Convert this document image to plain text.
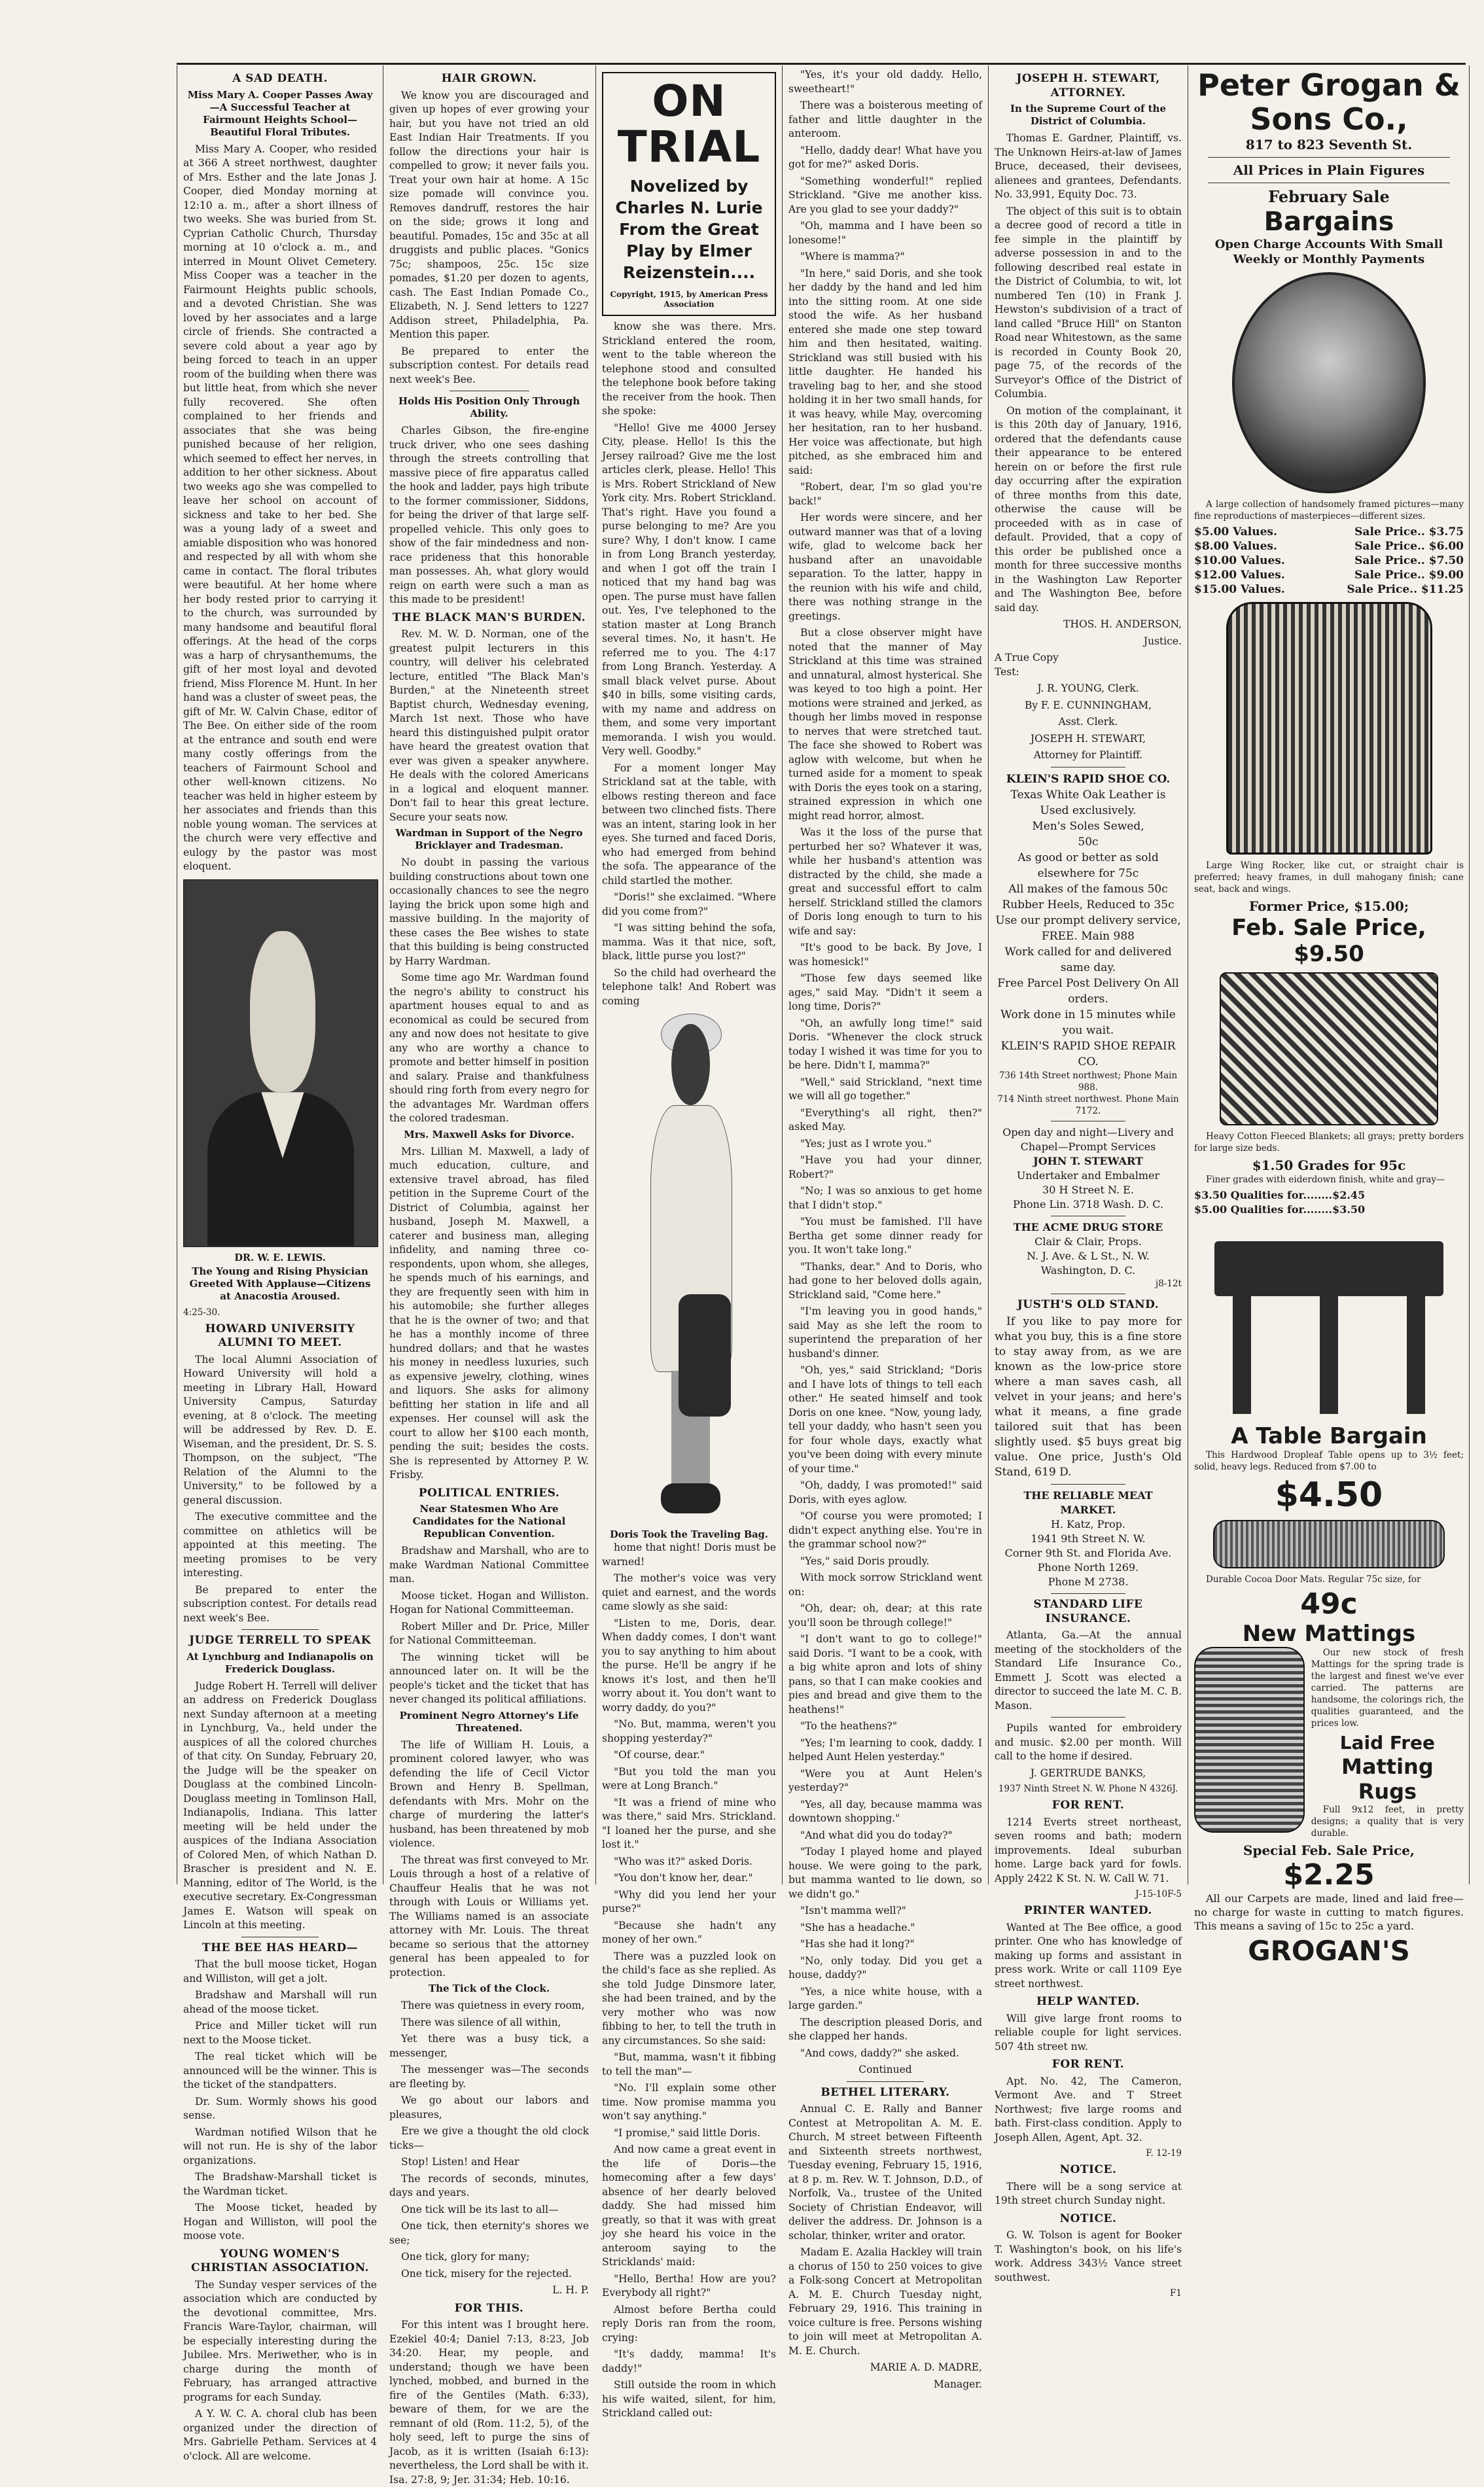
A SAD DEATH.
Miss Mary A. Cooper Passes Away—A Successful Teacher at Fairmount Heights School—Beautiful Floral Tributes.

Miss Mary A. Cooper, who resided at 366 A street northwest, daughter of Mrs. Esther and the late Jonas J. Cooper, died Monday morning at 12:10 a. m., after a short illness of two weeks. She was buried from St. Cyprian Catholic Church, Thursday morning at 10 o'clock a. m., and interred in Mount Olivet Cemetery. Miss Cooper was a teacher in the Fairmount Heights public schools, and a devoted Christian. She was loved by her associates and a large circle of friends. She contracted a severe cold about a year ago by being forced to teach in an upper room of the building when there was but little heat, from which she never fully recovered. She often complained to her friends and associates that she was being punished because of her religion, which seemed to effect her nerves, in addition to her other sickness. About two weeks ago she was compelled to leave her school on account of sickness and take to her bed. She was a young lady of a sweet and amiable disposition who was honored and respected by all with whom she came in contact. The floral tributes were beautiful. At her home where her body rested prior to carrying it to the church, was surrounded by many handsome and beautiful floral offerings. At the head of the corps was a harp of chrysanthemums, the gift of her most loyal and devoted friend, Miss Florence M. Hunt. In her hand was a cluster of sweet peas, the gift of Mr. W. Calvin Chase, editor of The Bee. On either side of the room at the entrance and south end were many costly offerings from the teachers of Fairmount School and other well-known citizens. No teacher was held in higher esteem by her associates and friends than this noble young woman. The services at the church were very effective and eulogy by the pastor was most eloquent.

DR. W. E. LEWIS.
The Young and Rising Physician Greeted With Applause—Citizens at Anacostia Aroused.
4:25-30.
HOWARD UNIVERSITY ALUMNI TO MEET.

The local Alumni Association of Howard University will hold a meeting in Library Hall, Howard University Campus, Saturday evening, at 8 o'clock. The meeting will be addressed by Rev. D. E. Wiseman, and the president, Dr. S. S. Thompson, on the subject, "The Relation of the Alumni to the University," to be followed by a general discussion.

The executive committee and the committee on athletics will be appointed at this meeting. The meeting promises to be very interesting.

Be prepared to enter the subscription contest. For details read next week's Bee.

JUDGE TERRELL TO SPEAK
At Lynchburg and Indianapolis on Frederick Douglass.

Judge Robert H. Terrell will deliver an address on Frederick Douglass next Sunday afternoon at a meeting in Lynchburg, Va., held under the auspices of all the colored churches of that city. On Sunday, February 20, the Judge will be the speaker on Douglass at the combined Lincoln-Douglass meeting in Tomlinson Hall, Indianapolis, Indiana. This latter meeting will be held under the auspices of the Indiana Association of Colored Men, of which Nathan D. Brascher is president and N. E. Manning, editor of The World, is the executive secretary. Ex-Congressman James E. Watson will speak on Lincoln at this meeting.

THE BEE HAS HEARD—

That the bull moose ticket, Hogan and Williston, will get a jolt.

Bradshaw and Marshall will run ahead of the moose ticket.

Price and Miller ticket will run next to the Moose ticket.

The real ticket which will be announced will be the winner. This is the ticket of the standpatters.

Dr. Sum. Wormly shows his good sense.

Wardman notified Wilson that he will not run. He is shy of the labor organizations.

The Bradshaw-Marshall ticket is the Wardman ticket.

The Moose ticket, headed by Hogan and Williston, will pool the moose vote.

YOUNG WOMEN'S CHRISTIAN ASSOCIATION.

The Sunday vesper services of the association which are conducted by the devotional committee, Mrs. Francis Ware-Taylor, chairman, will be especially interesting during the Jubilee. Mrs. Meriwether, who is in charge during the month of February, has arranged attractive programs for each Sunday.

A Y. W. C. A. choral club has been organized under the direction of Mrs. Gabrielle Petham. Services at 4 o'clock. All are welcome.

HAIR GROWN.

We know you are discouraged and given up hopes of ever growing your hair, but you have not tried an old East Indian Hair Treatments. If you follow the directions your hair is compelled to grow; it never fails you. Treat your own hair at home. A 15c size pomade will convince you. Removes dandruff, restores the hair on the side; grows it long and beautiful. Pomades, 15c and 35c at all druggists and public places. "Gonics 75c; shampoos, 25c. 15c size pomades, $1.20 per dozen to agents, cash. The East Indian Pomade Co., Elizabeth, N. J. Send letters to 1227 Addison street, Philadelphia, Pa. Mention this paper.

Be prepared to enter the subscription contest. For details read next week's Bee.

Holds His Position Only Through Ability.

Charles Gibson, the fire-engine truck driver, who one sees dashing through the streets controlling that massive piece of fire apparatus called the hook and ladder, pays high tribute to the former commissioner, Siddons, for being the driver of that large self-propelled vehicle. This only goes to show of the fair mindedness and non-race prideness that this honorable man possesses. Ah, what glory would reign on earth were such a man as this made to be president!

THE BLACK MAN'S BURDEN.

Rev. M. W. D. Norman, one of the greatest pulpit lecturers in this country, will deliver his celebrated lecture, entitled "The Black Man's Burden," at the Nineteenth street Baptist church, Wednesday evening, March 1st next. Those who have heard this distinguished pulpit orator have heard the greatest ovation that ever was given a speaker anywhere. He deals with the colored Americans in a logical and eloquent manner. Don't fail to hear this great lecture. Secure your seats now.

Wardman in Support of the Negro Bricklayer and Tradesman.

No doubt in passing the various building constructions about town one occasionally chances to see the negro laying the brick upon some high and massive building. In the majority of these cases the Bee wishes to state that this building is being constructed by Harry Wardman.

Some time ago Mr. Wardman found the negro's ability to construct his apartment houses equal to and as economical as could be secured from any and now does not hesitate to give any who are worthy a chance to promote and better himself in position and salary. Praise and thankfulness should ring forth from every negro for the advantages Mr. Wardman offers the colored tradesman.

Mrs. Maxwell Asks for Divorce.

Mrs. Lillian M. Maxwell, a lady of much education, culture, and extensive travel abroad, has filed petition in the Supreme Court of the District of Columbia, against her husband, Joseph M. Maxwell, a caterer and business man, alleging infidelity, and naming three co-respondents, upon whom, she alleges, he spends much of his earnings, and they are frequently seen with him in his automobile; she further alleges that he is the owner of two; and that he has a monthly income of three hundred dollars; and that he wastes his money in needless luxuries, such as expensive jewelry, clothing, wines and liquors. She asks for alimony befitting her station in life and all expenses. Her counsel will ask the court to allow her $100 each month, pending the suit; besides the costs. She is represented by Attorney P. W. Frisby.

POLITICAL ENTRIES.
Near Statesmen Who Are Candidates for the National Republican Convention.

Bradshaw and Marshall, who are to make Wardman National Committee man.

Moose ticket. Hogan and Williston. Hogan for National Committeeman.

Robert Miller and Dr. Price, Miller for National Committeeman.

The winning ticket will be announced later on. It will be the people's ticket and the ticket that has never changed its political affiliations.

Prominent Negro Attorney's Life Threatened.

The life of William H. Louis, a prominent colored lawyer, who was defending the life of Cecil Victor Brown and Henry B. Spellman, defendants with Mrs. Mohr on the charge of murdering the latter's husband, has been threatened by mob violence.

The threat was first conveyed to Mr. Louis through a host of a relative of Chauffeur Healis that he was not through with Louis or Williams yet. The Williams named is an associate attorney with Mr. Louis. The threat became so serious that the attorney general has been appealed to for protection.

The Tick of the Clock.

There was quietness in every room,

There was silence of all within,

Yet there was a busy tick, a messenger,

The messenger was—The seconds are fleeting by.

We go about our labors and pleasures,

Ere we give a thought the old clock ticks—

Stop! Listen! and Hear

The records of seconds, minutes, days and years.

One tick will be its last to all—

One tick, then eternity's shores we see;

One tick, glory for many;

One tick, misery for the rejected.

L. H. P.

FOR THIS.

For this intent was I brought here. Ezekiel 40:4; Daniel 7:13, 8:23, Job 34:20. Hear, my people, and understand; though we have been lynched, mobbed, and burned in the fire of the Gentiles (Math. 6:33), beware of them, for we are the remnant of old (Rom. 11:2, 5), of the holy seed, left to purge the sins of Jacob, as it is written (Isaiah 6:13): nevertheless, the Lord shall be with it. Isa. 27:8, 9; Jer. 31:34; Heb. 10:16.

ON TRIAL
Novelized by Charles N. Lurie From the Great Play by Elmer Reizenstein....
Copyright, 1915, by American Press Association

know she was there. Mrs. Strickland entered the room, went to the table whereon the telephone stood and consulted the telephone book before taking the receiver from the hook. Then she spoke:

"Hello! Give me 4000 Jersey City, please. Hello! Is this the Jersey railroad? Give me the lost articles clerk, please. Hello! This is Mrs. Robert Strickland of New York city. Mrs. Robert Strickland. That's right. Have you found a purse belonging to me? Are you sure? Why, I don't know. I came in from Long Branch yesterday, and when I got off the train I noticed that my hand bag was open. The purse must have fallen out. Yes, I've telephoned to the station master at Long Branch several times. No, it hasn't. He referred me to you. The 4:17 from Long Branch. Yesterday. A small black velvet purse. About $40 in bills, some visiting cards, with my name and address on them, and some very important memoranda. I wish you would. Very well. Goodby."

For a moment longer May Strickland sat at the table, with elbows resting thereon and face between two clinched fists. There was an intent, staring look in her eyes. She turned and faced Doris, who had emerged from behind the sofa. The appearance of the child startled the mother.

"Doris!" she exclaimed. "Where did you come from?"

"I was sitting behind the sofa, mamma. Was it that nice, soft, black, little purse you lost?"

So the child had overheard the telephone talk! And Robert was coming

Doris Took the Traveling Bag.

home that night! Doris must be warned!

The mother's voice was very quiet and earnest, and the words came slowly as she said:

"Listen to me, Doris, dear. When daddy comes, I don't want you to say anything to him about the purse. He'll be angry if he knows it's lost, and then he'll worry about it. You don't want to worry daddy, do you?"

"No. But, mamma, weren't you shopping yesterday?"

"Of course, dear."

"But you told the man you were at Long Branch."

"It was a friend of mine who was there," said Mrs. Strickland. "I loaned her the purse, and she lost it."

"Who was it?" asked Doris.

"You don't know her, dear."

"Why did you lend her your purse?"

"Because she hadn't any money of her own."

There was a puzzled look on the child's face as she replied. As she told Judge Dinsmore later, she had been trained, and by the very mother who was now fibbing to her, to tell the truth in any circumstances. So she said:

"But, mamma, wasn't it fibbing to tell the man"—

"No. I'll explain some other time. Now promise mamma you won't say anything."

"I promise," said little Doris.

And now came a great event in the life of Doris—the homecoming after a few days' absence of her dearly beloved daddy. She had missed him greatly, so that it was with great joy she heard his voice in the anteroom saying to the Stricklands' maid:

"Hello, Bertha! How are you? Everybody all right?"

Almost before Bertha could reply Doris ran from the room, crying:

"It's daddy, mamma! It's daddy!"

Still outside the room in which his wife waited, silent, for him, Strickland called out:

"Yes, it's your old daddy. Hello, sweetheart!"

There was a boisterous meeting of father and little daughter in the anteroom.

"Hello, daddy dear! What have you got for me?" asked Doris.

"Something wonderful!" replied Strickland. "Give me another kiss. Are you glad to see your daddy?"

"Oh, mamma and I have been so lonesome!"

"Where is mamma?"

"In here," said Doris, and she took her daddy by the hand and led him into the sitting room. At one side stood the wife. As her husband entered she made one step toward him and then hesitated, waiting. Strickland was still busied with his little daughter. He handed his traveling bag to her, and she stood holding it in her two small hands, for it was heavy, while May, overcoming her hesitation, ran to her husband. Her voice was affectionate, but high pitched, as she embraced him and said:

"Robert, dear, I'm so glad you're back!"

Her words were sincere, and her outward manner was that of a loving wife, glad to welcome back her husband after an unavoidable separation. To the latter, happy in the reunion with his wife and child, there was nothing strange in the greetings.

But a close observer might have noted that the manner of May Strickland at this time was strained and unnatural, almost hysterical. She was keyed to too high a point. Her motions were strained and jerked, as though her limbs moved in response to nerves that were stretched taut. The face she showed to Robert was aglow with welcome, but when he turned aside for a moment to speak with Doris the eyes took on a staring, strained expression in which one might read horror, almost.

Was it the loss of the purse that perturbed her so? Whatever it was, while her husband's attention was distracted by the child, she made a great and successful effort to calm herself. Strickland stilled the clamors of Doris long enough to turn to his wife and say:

"It's good to be back. By Jove, I was homesick!"

"Those few days seemed like ages," said May. "Didn't it seem a long time, Doris?"

"Oh, an awfully long time!" said Doris. "Whenever the clock struck today I wished it was time for you to be here. Didn't I, mamma?"

"Well," said Strickland, "next time we will all go together."

"Everything's all right, then?" asked May.

"Yes; just as I wrote you."

"Have you had your dinner, Robert?"

"No; I was so anxious to get home that I didn't stop."

"You must be famished. I'll have Bertha get some dinner ready for you. It won't take long."

"Thanks, dear." And to Doris, who had gone to her beloved dolls again, Strickland said, "Come here."

"I'm leaving you in good hands," said May as she left the room to superintend the preparation of her husband's dinner.

"Oh, yes," said Strickland; "Doris and I have lots of things to tell each other." He seated himself and took Doris on one knee. "Now, young lady, tell your daddy, who hasn't seen you for four whole days, exactly what you've been doing with every minute of your time."

"Oh, daddy, I was promoted!" said Doris, with eyes aglow.

"Of course you were promoted; I didn't expect anything else. You're in the grammar school now?"

"Yes," said Doris proudly.

With mock sorrow Strickland went on:

"Oh, dear; oh, dear; at this rate you'll soon be through college!"

"I don't want to go to college!" said Doris. "I want to be a cook, with a big white apron and lots of shiny pans, so that I can make cookies and pies and bread and give them to the heathens!"

"To the heathens?"

"Yes; I'm learning to cook, daddy. I helped Aunt Helen yesterday."

"Were you at Aunt Helen's yesterday?"

"Yes, all day, because mamma was downtown shopping."

"And what did you do today?"

"Today I played home and played house. We were going to the park, but mamma wanted to lie down, so we didn't go."

"Isn't mamma well?"

"She has a headache."

"Has she had it long?"

"No, only today. Did you get a house, daddy?"

"Yes, a nice white house, with a large garden."

The description pleased Doris, and she clapped her hands.

"And cows, daddy?" she asked.

Continued

BETHEL LITERARY.

Annual C. E. Rally and Banner Contest at Metropolitan A. M. E. Church, M street between Fifteenth and Sixteenth streets northwest, Tuesday evening, February 15, 1916, at 8 p. m. Rev. W. T. Johnson, D.D., of Norfolk, Va., trustee of the United Society of Christian Endeavor, will deliver the address. Dr. Johnson is a scholar, thinker, writer and orator.

Madam E. Azalia Hackley will train a chorus of 150 to 250 voices to give a Folk-song Concert at Metropolitan A. M. E. Church Tuesday night, February 29, 1916. This training in voice culture is free. Persons wishing to join will meet at Metropolitan A. M. E. Church.

MARIE A. D. MADRE,

Manager.

JOSEPH H. STEWART, ATTORNEY.
In the Supreme Court of the District of Columbia.

Thomas E. Gardner, Plaintiff, vs. The Unknown Heirs-at-law of James Bruce, deceased, their devisees, alienees and grantees, Defendants. No. 33,991, Equity Doc. 73.

The object of this suit is to obtain a decree good of record a title in fee simple in the plaintiff by adverse possession in and to the following described real estate in the District of Columbia, to wit, lot numbered Ten (10) in Frank J. Hewston's subdivision of a tract of land called "Bruce Hill" on Stanton Road near Whitestown, as the same is recorded in County Book 20, page 75, of the records of the Surveyor's Office of the District of Columbia.

On motion of the complainant, it is this 20th day of January, 1916, ordered that the defendants cause their appearance to be entered herein on or before the first rule day occurring after the expiration of three months from this date, otherwise the cause will be proceeded with as in case of default. Provided, that a copy of this order be published once a month for three successive months in the Washington Law Reporter and The Washington Bee, before said day.

THOS. H. ANDERSON,

Justice.

A True Copy
Test:

J. R. YOUNG, Clerk.

By F. E. CUNNINGHAM,

Asst. Clerk.

JOSEPH H. STEWART,

Attorney for Plaintiff.

KLEIN'S RAPID SHOE CO.
Texas White Oak Leather is Used exclusively.
Men's Soles Sewed,
50c
As good or better as sold elsewhere for 75c
All makes of the famous 50c Rubber Heels, Reduced to 35c
Use our prompt delivery service, FREE. Main 988
Work called for and delivered same day.
Free Parcel Post Delivery On All orders.
Work done in 15 minutes while you wait.
KLEIN'S RAPID SHOE REPAIR CO.
736 14th Street northwest; Phone Main 988.
714 Ninth street northwest. Phone Main 7172.
Open day and night—Livery and Chapel—Prompt Services
JOHN T. STEWART
Undertaker and Embalmer
30 H Street N. E.
Phone Lin. 3718 Wash. D. C.
THE ACME DRUG STORE
Clair & Clair, Props.
N. J. Ave. & L St., N. W.
Washington, D. C.
j8-12t
JUSTH'S OLD STAND.

If you like to pay more for what you buy, this is a fine store to stay away from, as we are known as the low-price store where a man saves cash, all velvet in your jeans; and here's what it means, a fine grade tailored suit that has been slightly used. $5 buys great big value. One price, Justh's Old Stand, 619 D.

THE RELIABLE MEAT MARKET.
H. Katz, Prop.
1941 9th Street N. W.
Corner 9th St. and Florida Ave.
Phone North 1269.
Phone M 2738.
STANDARD LIFE INSURANCE.

Atlanta, Ga.—At the annual meeting of the stockholders of the Standard Life Insurance Co., Emmett J. Scott was elected a director to succeed the late M. C. B. Mason.

Pupils wanted for embroidery and music. $2.00 per month. Will call to the home if desired.

J. GERTRUDE BANKS,

1937 Ninth Street N. W. Phone N 4326J.

FOR RENT.

1214 Everts street northeast, seven rooms and bath; modern improvements. Ideal suburban home. Large back yard for fowls. Apply 2422 K St. N. W. Call W. 71.

J-15-10F-5

PRINTER WANTED.

Wanted at The Bee office, a good printer. One who has knowledge of making up forms and assistant in press work. Write or call 1109 Eye street northwest.

HELP WANTED.

Will give large front rooms to reliable couple for light services. 507 4th street nw.

FOR RENT.

Apt. No. 42, The Cameron, Vermont Ave. and T Street Northwest; five large rooms and bath. First-class condition. Apply to Joseph Allen, Agent, Apt. 32.

F. 12-19

NOTICE.

There will be a song service at 19th street church Sunday night.

NOTICE.

G. W. Tolson is agent for Booker T. Washington's book, on his life's work. Address 343½ Vance street southwest.

F1

Peter Grogan & Sons Co.,
817 to 823 Seventh St.
All Prices in Plain Figures
February Sale
Bargains
Open Charge Accounts With Small Weekly or Monthly Payments

A large collection of handsomely framed pictures—many fine reproductions of masterpieces—different sizes.

$5.00 Values.	Sale Price.. $3.75
$8.00 Values.	Sale Price.. $6.00
$10.00 Values.	Sale Price.. $7.50
$12.00 Values.	Sale Price.. $9.00
$15.00 Values.	Sale Price.. $11.25

Large Wing Rocker, like cut, or straight chair is preferred; heavy frames, in dull mahogany finish; cane seat, back and wings.

Former Price, $15.00;
Feb. Sale Price, $9.50

Heavy Cotton Fleeced Blankets; all grays; pretty borders for large size beds.

$1.50 Grades for 95c

Finer grades with eiderdown finish, white and gray—

$3.50 Qualities for........$2.45
$5.00 Qualities for........$3.50
A Table Bargain

This Hardwood Dropleaf Table opens up to 3½ feet; solid, heavy legs. Reduced from $7.00 to

$4.50

Durable Cocoa Door Mats. Regular 75c size, for

49c
New Mattings

Our new stock of fresh Mattings for the spring trade is the largest and finest we've ever carried. The patterns are handsome, the colorings rich, the qualities guaranteed, and the prices low.

Laid Free
Matting Rugs

Full 9x12 feet, in pretty designs; a quality that is very durable.

Special Feb. Sale Price,
$2.25

All our Carpets are made, lined and laid free—no charge for waste in cutting to match figures. This means a saving of 15c to 25c a yard.

GROGAN'S
